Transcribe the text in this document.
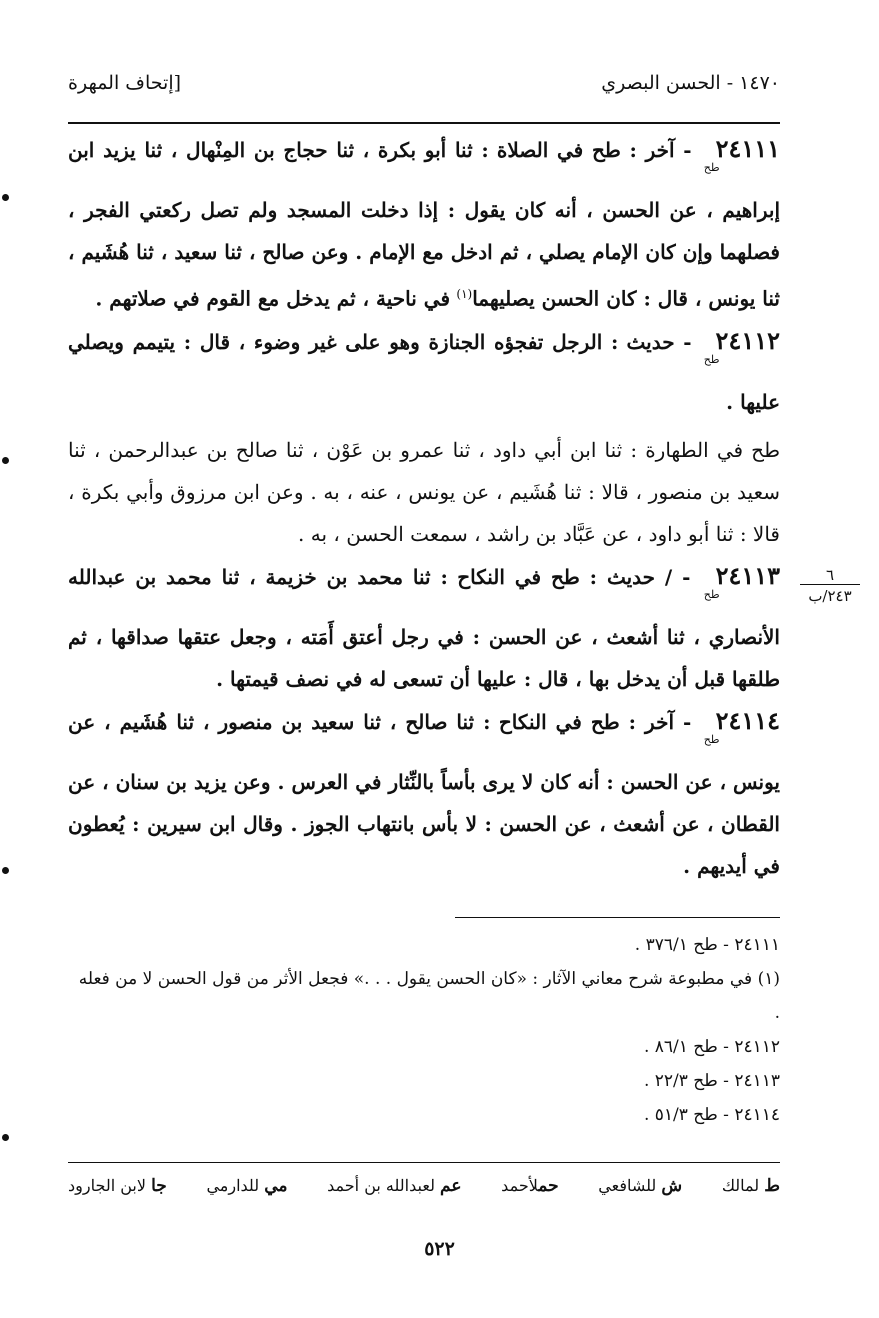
١٤٧٠ - الحسن البصري
[إتحاف المهرة

٢٤١١١طح - آخر : طح في الصلاة : ثنا أبو بكرة ، ثنا حجاج بن المِنْهال ، ثنا يزيد ابن إبراهيم ، عن الحسن ، أنه كان يقول : إذا دخلت المسجد ولم تصل ركعتي الفجر ، فصلهما وإن كان الإمام يصلي ، ثم ادخل مع الإمام . وعن صالح ، ثنا سعيد ، ثنا هُشَيم ، ثنا يونس ، قال : كان الحسن يصليهما$^{(١)}$ في ناحية ، ثم يدخل مع القوم في صلاتهم .

٢٤١١٢طح - حديث : الرجل تفجؤه الجنازة وهو على غير وضوء ، قال : يتيمم ويصلي عليها .

طح في الطهارة : ثنا ابن أبي داود ، ثنا عمرو بن عَوْن ، ثنا صالح بن عبدالرحمن ، ثنا سعيد بن منصور ، قالا : ثنا هُشَيم ، عن يونس ، عنه ، به . وعن ابن مرزوق وأبي بكرة ، قالا : ثنا أبو داود ، عن عَبَّاد بن راشد ، سمعت الحسن ، به .

٢٤١١٣طح - / حديث : طح في النكاح : ثنا محمد بن خزيمة ، ثنا محمد بن عبدالله الأنصاري ، ثنا أشعث ، عن الحسن : في رجل أعتق أَمَته ، وجعل عتقها صداقها ، ثم طلقها قبل أن يدخل بها ، قال : عليها أن تسعى له في نصف قيمتها .

٢٤١١٤طح - آخر : طح في النكاح : ثنا صالح ، ثنا سعيد بن منصور ، ثنا هُشَيم ، عن يونس ، عن الحسن : أنه كان لا يرى بأساً بالنِّثار في العرس . وعن يزيد بن سنان ، عن القطان ، عن أشعث ، عن الحسن : لا بأس بانتهاب الجوز . وقال ابن سيرين : يُعطون في أيديهم .

٦
٢٤٣/ب

٢٤١١١ - طح ٣٧٦/١ .

(١) في مطبوعة شرح معاني الآثار : «كان الحسن يقول . . .» فجعل الأثر من قول الحسن لا من فعله .

٢٤١١٢ - طح ٨٦/١ .

٢٤١١٣ - طح ٢٢/٣ .

٢٤١١٤ - طح ٥١/٣ .

ط لمالك
ش للشافعي
حملأحمد
عم لعبدالله بن أحمد
مي للدارمي
جا لابن الجارود
٥٢٢
